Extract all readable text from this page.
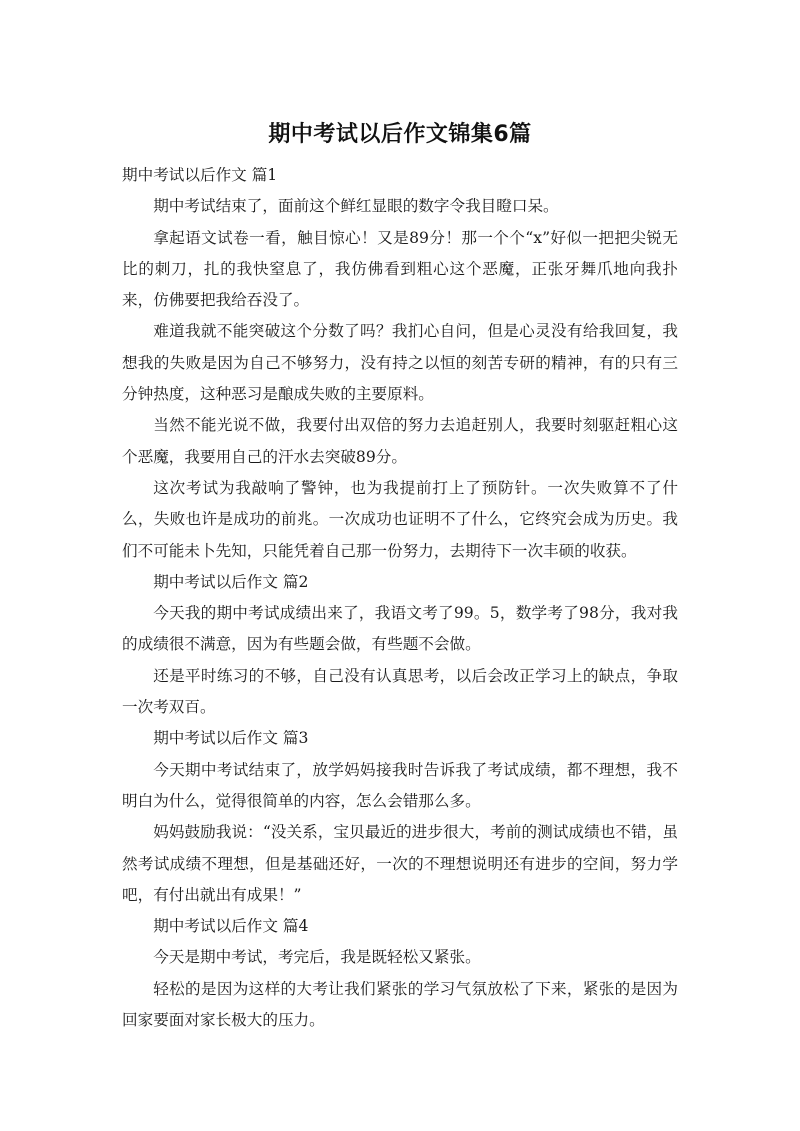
期中考试以后作文锦集6篇

期中考试以后作文 篇1

期中考试结束了，面前这个鲜红显眼的数字令我目瞪口呆。

拿起语文试卷一看，触目惊心！又是89分！那一个个“x”好似一把把尖锐无比的刺刀，扎的我快窒息了，我仿佛看到粗心这个恶魔，正张牙舞爪地向我扑来，仿佛要把我给吞没了。

难道我就不能突破这个分数了吗？我扪心自问，但是心灵没有给我回复，我想我的失败是因为自己不够努力，没有持之以恒的刻苦专研的精神，有的只有三分钟热度，这种恶习是酿成失败的主要原料。

当然不能光说不做，我要付出双倍的努力去追赶别人，我要时刻驱赶粗心这个恶魔，我要用自己的汗水去突破89分。

这次考试为我敲响了警钟，也为我提前打上了预防针。一次失败算不了什么，失败也许是成功的前兆。一次成功也证明不了什么，它终究会成为历史。我们不可能未卜先知，只能凭着自己那一份努力，去期待下一次丰硕的收获。

期中考试以后作文 篇2

今天我的期中考试成绩出来了，我语文考了99。5，数学考了98分，我对我的成绩很不满意，因为有些题会做，有些题不会做。

还是平时练习的不够，自己没有认真思考，以后会改正学习上的缺点，争取一次考双百。

期中考试以后作文 篇3

今天期中考试结束了，放学妈妈接我时告诉我了考试成绩，都不理想，我不明白为什么，觉得很简单的内容，怎么会错那么多。

妈妈鼓励我说：“没关系，宝贝最近的进步很大，考前的测试成绩也不错，虽然考试成绩不理想，但是基础还好，一次的不理想说明还有进步的空间，努力学吧，有付出就出有成果！”

期中考试以后作文 篇4

今天是期中考试，考完后，我是既轻松又紧张。

轻松的是因为这样的大考让我们紧张的学习气氛放松了下来，紧张的是因为回家要面对家长极大的压力。
